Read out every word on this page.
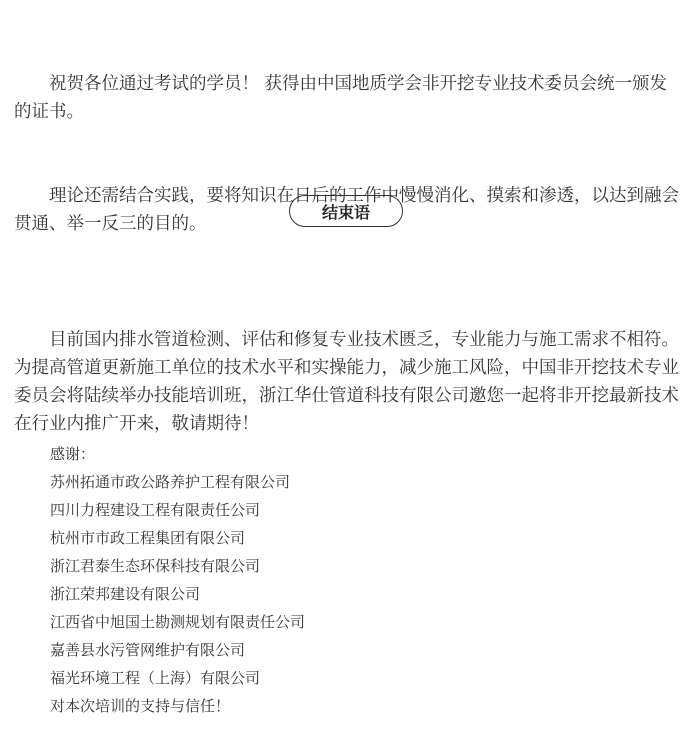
祝贺各位通过考试的学员！ 获得由中国地质学会非开挖专业技术委员会统一颁发的证书。

理论还需结合实践，要将知识在日后的工作中慢慢消化、摸索和渗透，以达到融会贯通、举一反三的目的。

结束语

目前国内排水管道检测、评估和修复专业技术匮乏，专业能力与施工需求不相符。为提高管道更新施工单位的技术水平和实操能力，减少施工风险，中国非开挖技术专业委员会将陆续举办技能培训班，浙江华仕管道科技有限公司邀您一起将非开挖最新技术在行业内推广开来，敬请期待！

感谢：
苏州拓通市政公路养护工程有限公司
四川力程建设工程有限责任公司
杭州市市政工程集团有限公司
浙江君泰生态环保科技有限公司
浙江荣邦建设有限公司
江西省中旭国土勘测规划有限责任公司
嘉善县水污管网维护有限公司
福光环境工程（上海）有限公司
对本次培训的支持与信任！
